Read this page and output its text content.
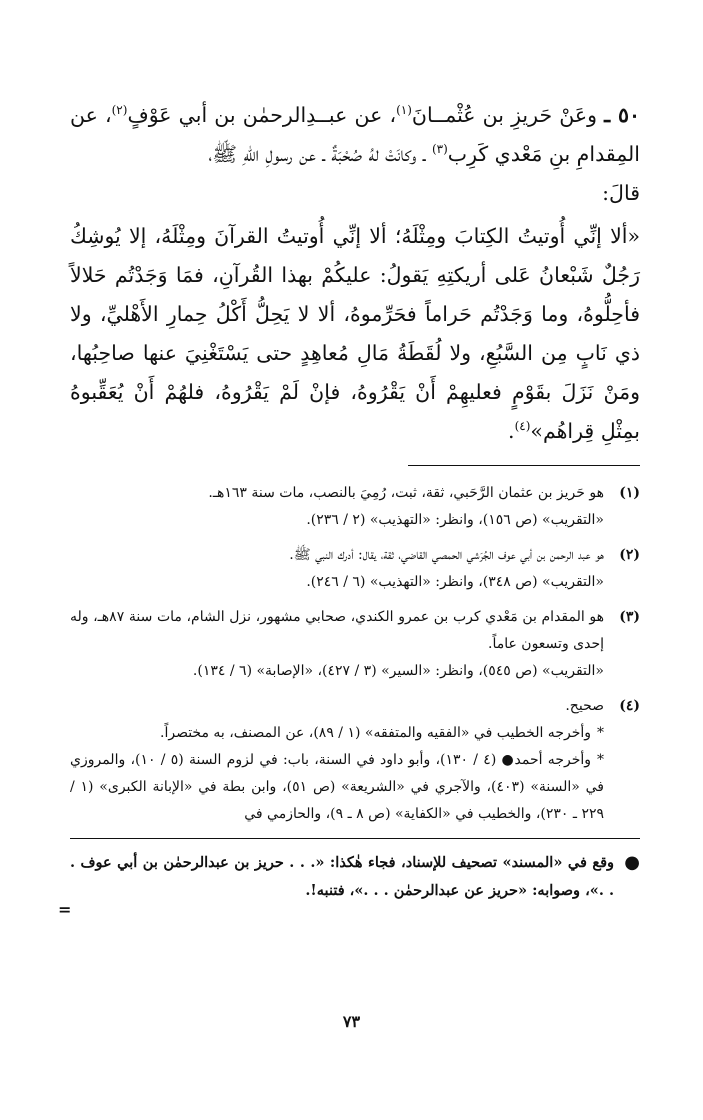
٥٠ ـ وعَنْ حَريزِ بن عُثْمــانَ$^{(١)}$، عن عبــدِالرحمٰن بن أبي عَوْفٍ$^{(٢)}$، عن المِقدامِ بنِ مَعْدي كَرِب$^{(٣)}$ ـ وكانَتْ لهُ صُحْبَةٌ ـ عن رسولِ اللهِ ﷺ،
قالَ:
«ألا إنِّي أُوتيتُ الكِتابَ ومِثْلَهُ؛ ألا إنِّي أُوتيتُ القرآنَ ومِثْلَهُ، إلا يُوشِكُ رَجُلٌ شَبْعانُ عَلى أريكتِهِ يَقولُ: عليكُمْ بهذا القُرآنِ، فمَا وَجَدْتُم حَلالاً فأحِلُّوهُ، وما وَجَدْتُم حَراماً فحَرِّموهُ، ألا لا يَحِلُّ أَكْلُ حِمارِ الأَهْليِّ، ولا ذي نَابٍ مِن السَّبُعِ، ولا لُقَطَةُ مَالِ مُعاهِدٍ حتى يَسْتَغْنِيَ عنها صاحِبُها، ومَنْ نَزَلَ بقَوْمٍ فعليهِمْ أَنْ يَقْرُوهُ، فإنْ لَمْ يَقْرُوهُ، فلهُمْ أَنْ يُعَقِّبوهُ بمِثْلِ قِراهُم»$^{(٤)}$.

(١)
هو حَريز بن عثمان الرَّحَبي، ثقة، ثبت، رُمِيَ بالنصب، مات سنة ١٦٣هـ.
«التقريب» (ص ١٥٦)، وانظر: «التهذيب» (٢ / ٢٣٦).
(٢)
هو عبد الرحمن بن أبي عوف الجُرَشي الحمصي القاضي، ثقة، يقال: أدرك النبي ﷺ.
«التقريب» (ص ٣٤٨)، وانظر: «التهذيب» (٦ / ٢٤٦).
(٣)
هو المقدام بن مَعْدي كرب بن عمرو الكندي، صحابي مشهور، نزل الشام، مات سنة ٨٧هـ، وله إحدى وتسعون عاماً.
«التقريب» (ص ٥٤٥)، وانظر: «السير» (٣ / ٤٢٧)، «الإصابة» (٦ / ١٣٤).
(٤)
صحيح.
* وأخرجه الخطيب في «الفقيه والمتفقه» (١ / ٨٩)، عن المصنف، به مختصراً.
* وأخرجه أحمد● (٤ / ١٣٠)، وأبو داود في السنة، باب: في لزوم السنة (٥ / ١٠)، والمروزي في «السنة» (٤٠٣)، والآجري في «الشريعة» (ص ٥١)، وابن بطة في «الإبانة الكبرى» (١ / ٢٢٩ ـ ٢٣٠)، والخطيب في «الكفاية» (ص ٨ ـ ٩)، والحازمي في
●
وقع في «المسند» تصحيف للإسناد، فجاء هٰكذا: «. . . حريز بن عبدالرحمٰن بن أبي عوف . . .»، وصوابه: «حريز عن عبدالرحمٰن . . .»، فتنبه!.
=
٧٣
